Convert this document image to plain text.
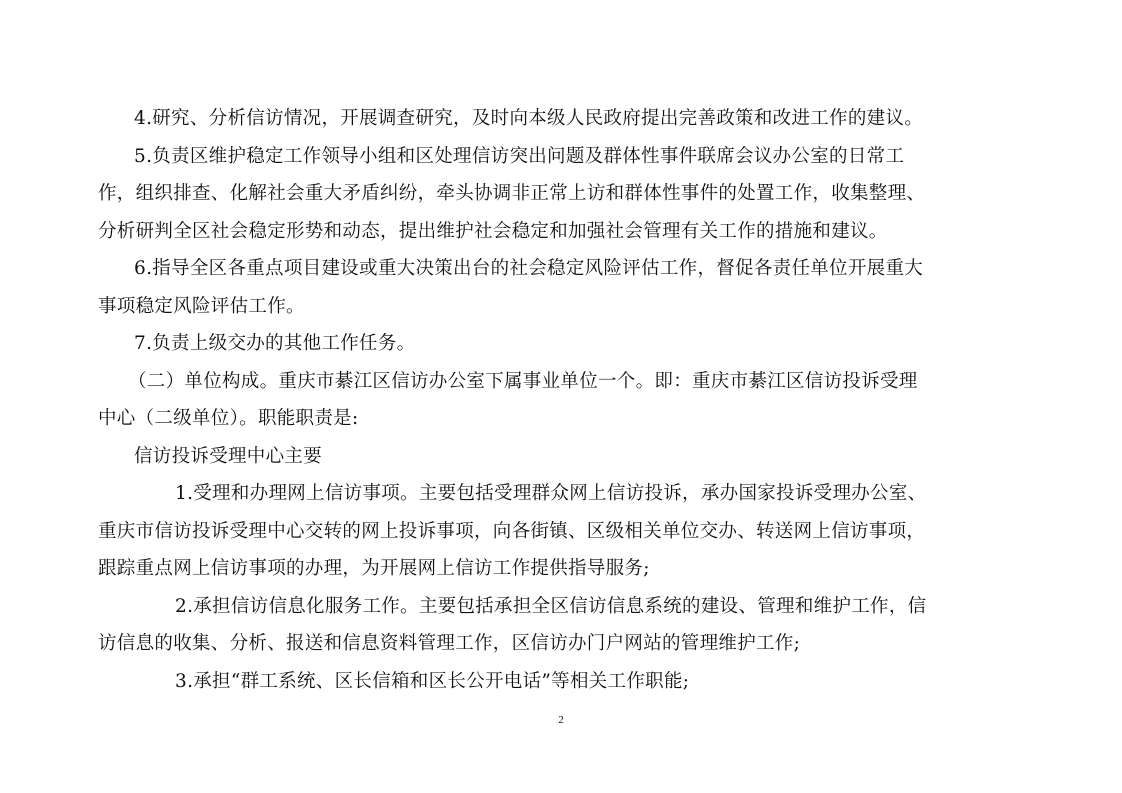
4.研究、分析信访情况，开展调查研究，及时向本级人民政府提出完善政策和改进工作的建议。
5.负责区维护稳定工作领导小组和区处理信访突出问题及群体性事件联席会议办公室的日常工
作，组织排查、化解社会重大矛盾纠纷，牵头协调非正常上访和群体性事件的处置工作，收集整理、
分析研判全区社会稳定形势和动态，提出维护社会稳定和加强社会管理有关工作的措施和建议。
6.指导全区各重点项目建设或重大决策出台的社会稳定风险评估工作，督促各责任单位开展重大
事项稳定风险评估工作。
7.负责上级交办的其他工作任务。
（二）单位构成。重庆市綦江区信访办公室下属事业单位一个。即：重庆市綦江区信访投诉受理
中心（二级单位）。职能职责是:
信访投诉受理中心主要
1.受理和办理网上信访事项。主要包括受理群众网上信访投诉，承办国家投诉受理办公室、
重庆市信访投诉受理中心交转的网上投诉事项，向各街镇、区级相关单位交办、转送网上信访事项，
跟踪重点网上信访事项的办理，为开展网上信访工作提供指导服务;
2.承担信访信息化服务工作。主要包括承担全区信访信息系统的建设、管理和维护工作，信
访信息的收集、分析、报送和信息资料管理工作，区信访办门户网站的管理维护工作;
3.承担“群工系统、区长信箱和区长公开电话”等相关工作职能;
2
